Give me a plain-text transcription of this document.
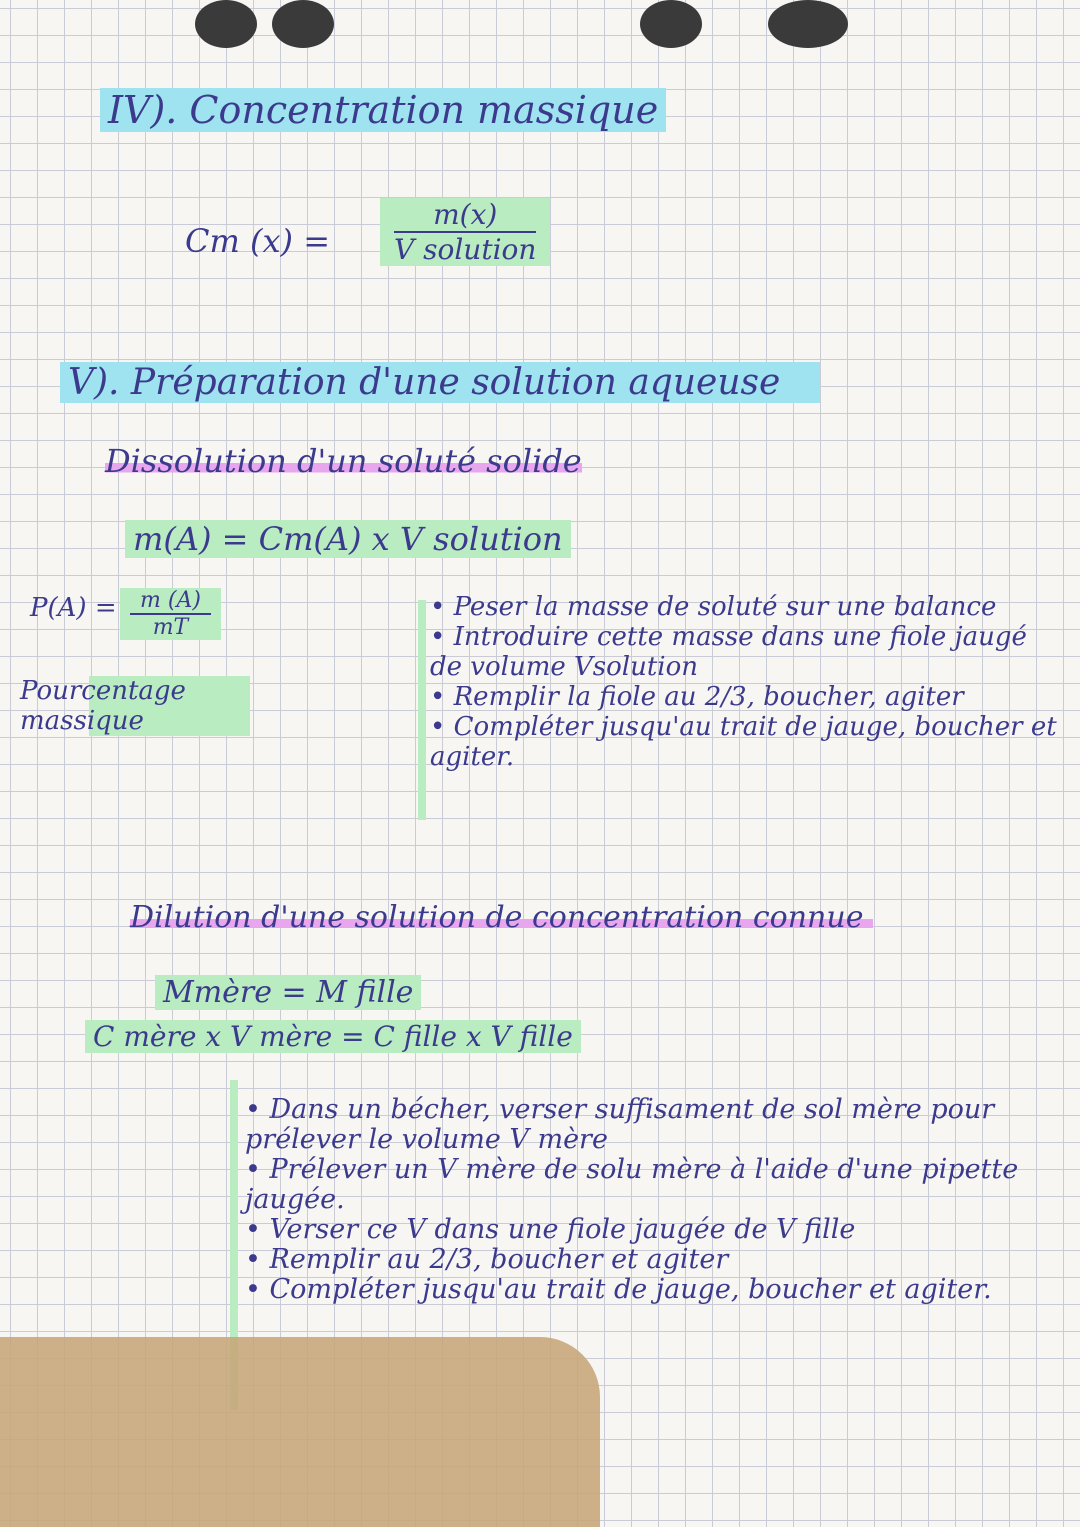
IV). Concentration massique
Cm (x) =
m(x)
V solution
V). Préparation d'une solution aqueuse
Dissolution d'un soluté solide
m(A) = Cm(A) x V solution
$P(A) = \frac{m (A)}{mT}$
Pourcentage massique
• Peser la masse de soluté sur une balance
• Introduire cette masse dans une fiole jaugé de volume Vsolution
• Remplir la fiole au 2/3, boucher, agiter
• Compléter jusqu'au trait de jauge, boucher et agiter.
Dilution d'une solution de concentration connue
Mmère = M fille
C mère x V mère = C fille x V fille
• Dans un bécher, verser suffisament de sol mère pour prélever le volume V mère
• Prélever un V mère de solu mère à l'aide d'une pipette jaugée.
• Verser ce V dans une fiole jaugée de V fille
• Remplir au 2/3, boucher et agiter
• Compléter jusqu'au trait de jauge, boucher et agiter.
